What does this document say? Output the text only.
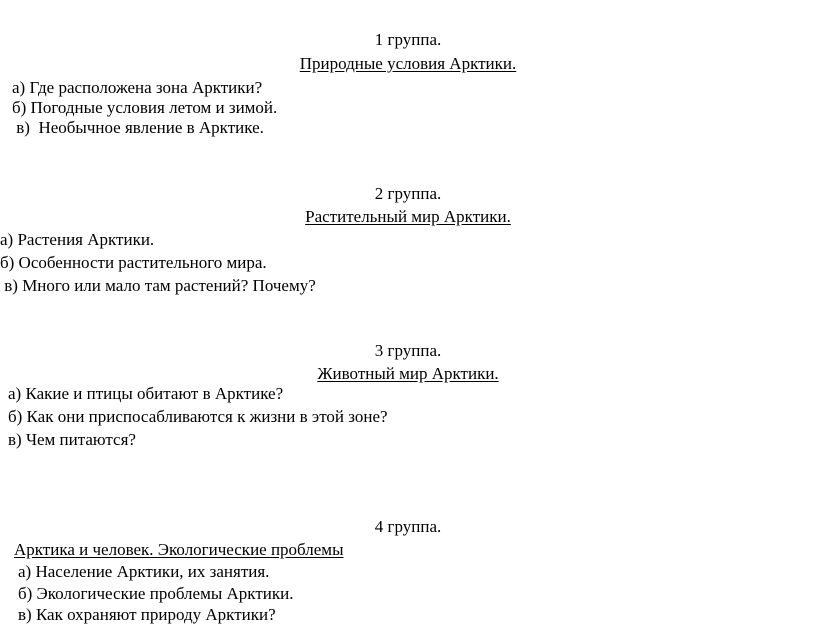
1 группа.
Природные условия Арктики.
а) Где расположена зона Арктики?
б) Погодные условия летом и зимой.
в)  Необычное явление в Арктике.
2 группа.
Растительный мир Арктики.
а) Растения Арктики.
б) Особенности растительного мира.
в) Много или мало там растений? Почему?
3 группа.
Животный мир Арктики.
а) Какие и птицы обитают в Арктике?
б) Как они приспосабливаются к жизни в этой зоне?
в) Чем питаются?
4 группа.
Арктика и человек. Экологические проблемы
а) Население Арктики, их занятия.
б) Экологические проблемы Арктики.
в) Как охраняют природу Арктики?
